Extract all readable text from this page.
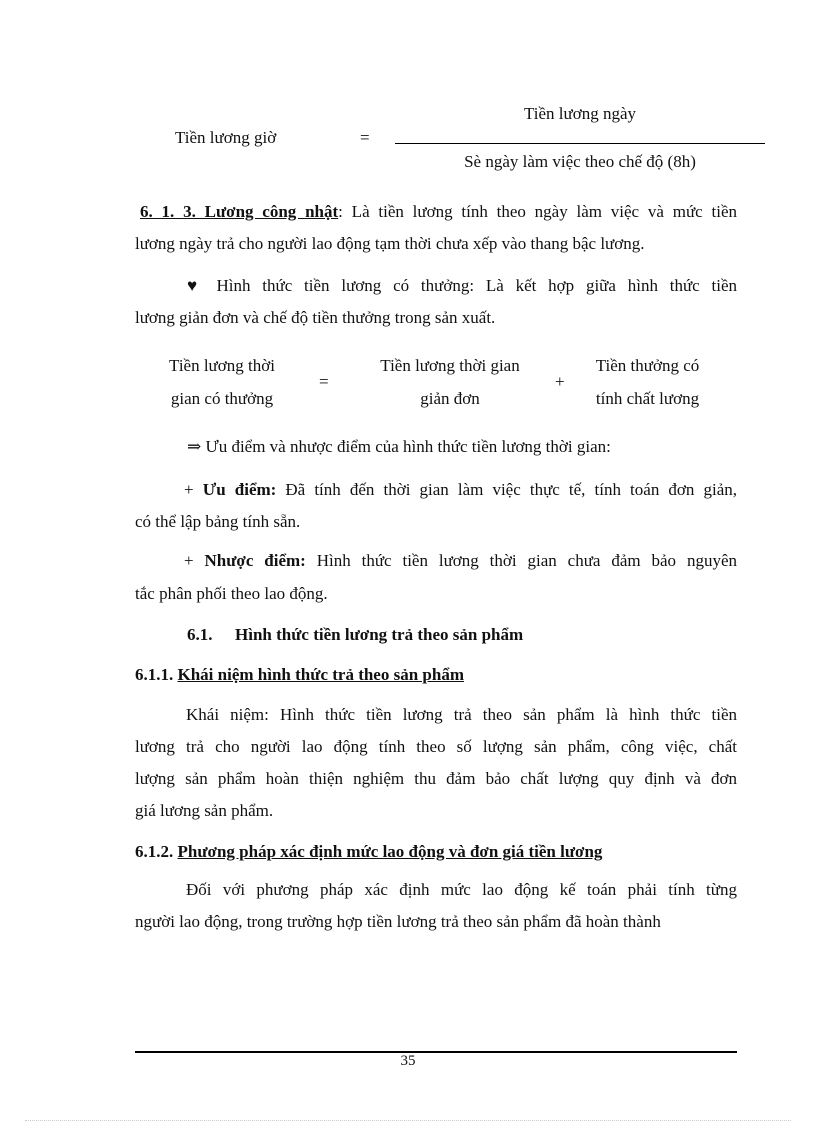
Tiền lương giờ	=
Tiền lương ngày
Sè ngày làm việc theo chế độ (8h)
6. 1. 3. Lương công nhật: Là tiền lương tính theo ngày làm việc và mức tiền
lương ngày trả cho người lao động tạm thời chưa xếp vào thang bậc lương.
♥ Hình thức tiền lương có thưởng: Là kết hợp giữa hình thức tiền
lương giản đơn và chế độ tiền thưởng trong sản xuất.
Tiền lương thời
gian có thưởng
=
Tiền lương thời gian
giản đơn
+
Tiền thưởng có
tính chất lương
⇒ Ưu điểm và nhược điểm của hình thức tiền lương thời gian:
+ Ưu điểm: Đã tính đến thời gian làm việc thực tế, tính toán đơn giản,
có thể lập bảng tính sẵn.
+ Nhược điểm: Hình thức tiền lương thời gian chưa đảm bảo nguyên
tắc phân phối theo lao động.
6.1. Hình thức tiền lương trả theo sản phẩm
6.1.1. Khái niệm hình thức trả theo sản phẩm
Khái niệm: Hình thức tiền lương trả theo sản phẩm là hình thức tiền
lương trả cho người lao động tính theo số lượng sản phẩm, công việc, chất
lượng sản phẩm hoàn thiện nghiệm thu đảm bảo chất lượng quy định và đơn
giá lương sản phẩm.
6.1.2. Phương pháp xác định mức lao động và đơn giá tiền lương
Đối với phương pháp xác định mức lao động kế toán phải tính từng
người lao động, trong trường hợp tiền lương trả theo sản phẩm đã hoàn thành
35
